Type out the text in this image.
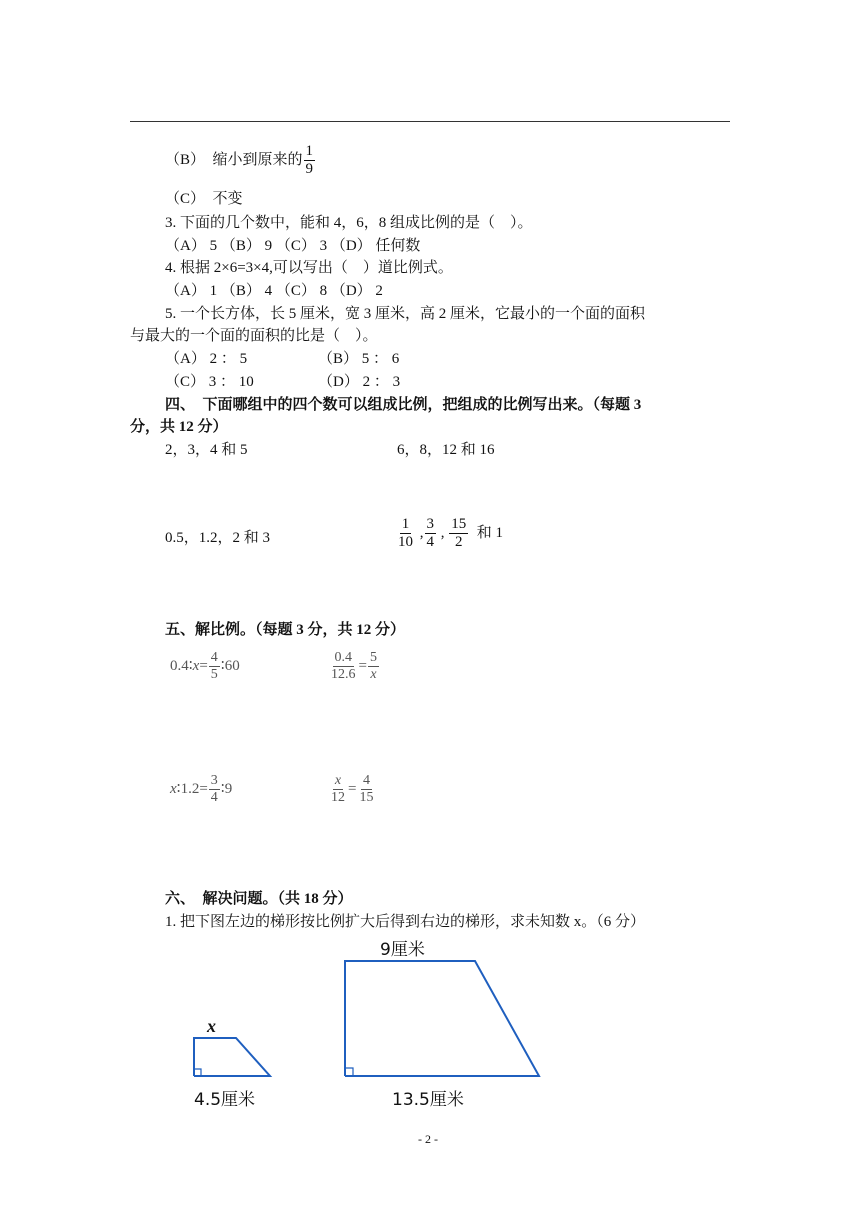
（B） 缩小到原来的 $\frac{1}{9}$
（C） 不变
3. 下面的几个数中，能和 4，6，8 组成比例的是（　）。
（A） 5 （B） 9 （C） 3 （D） 任何数
4. 根据 2×6=3×4,可以写出（　）道比例式。
（A） 1 （B） 4 （C） 8 （D） 2
5. 一个长方体，长 5 厘米，宽 3 厘米，高 2 厘米，它最小的一个面的面积
与最大的一个面的面积的比是（　）。
（A） 2 ： 5	（B） 5 ： 6
（C） 3 ： 10	（D） 2 ： 3
四、　下面哪组中的四个数可以组成比例，把组成的比例写出来。（每题 3
分，共 12 分）
2，3，4 和 5	6，8，12 和 16
0.5，1.2，2 和 3	$\frac{1}{10}$ , $\frac{3}{4}$ , $\frac{15}{2}$ 和 1
五、解比例。（每题 3 分，共 12 分）
0.4∶x= $\frac{4}{5}$ ∶60	$\frac{0.4}{12.6} = \frac{5}{x}$
x∶1.2= $\frac{3}{4}$ ∶9	$\frac{x}{12} = \frac{4}{15}$
六、　解决问题。（共 18 分）
1. 把下图左边的梯形按比例扩大后得到右边的梯形，求未知数 x。（6 分）
x
4.5厘米
9厘米
13.5厘米
- 2 -
